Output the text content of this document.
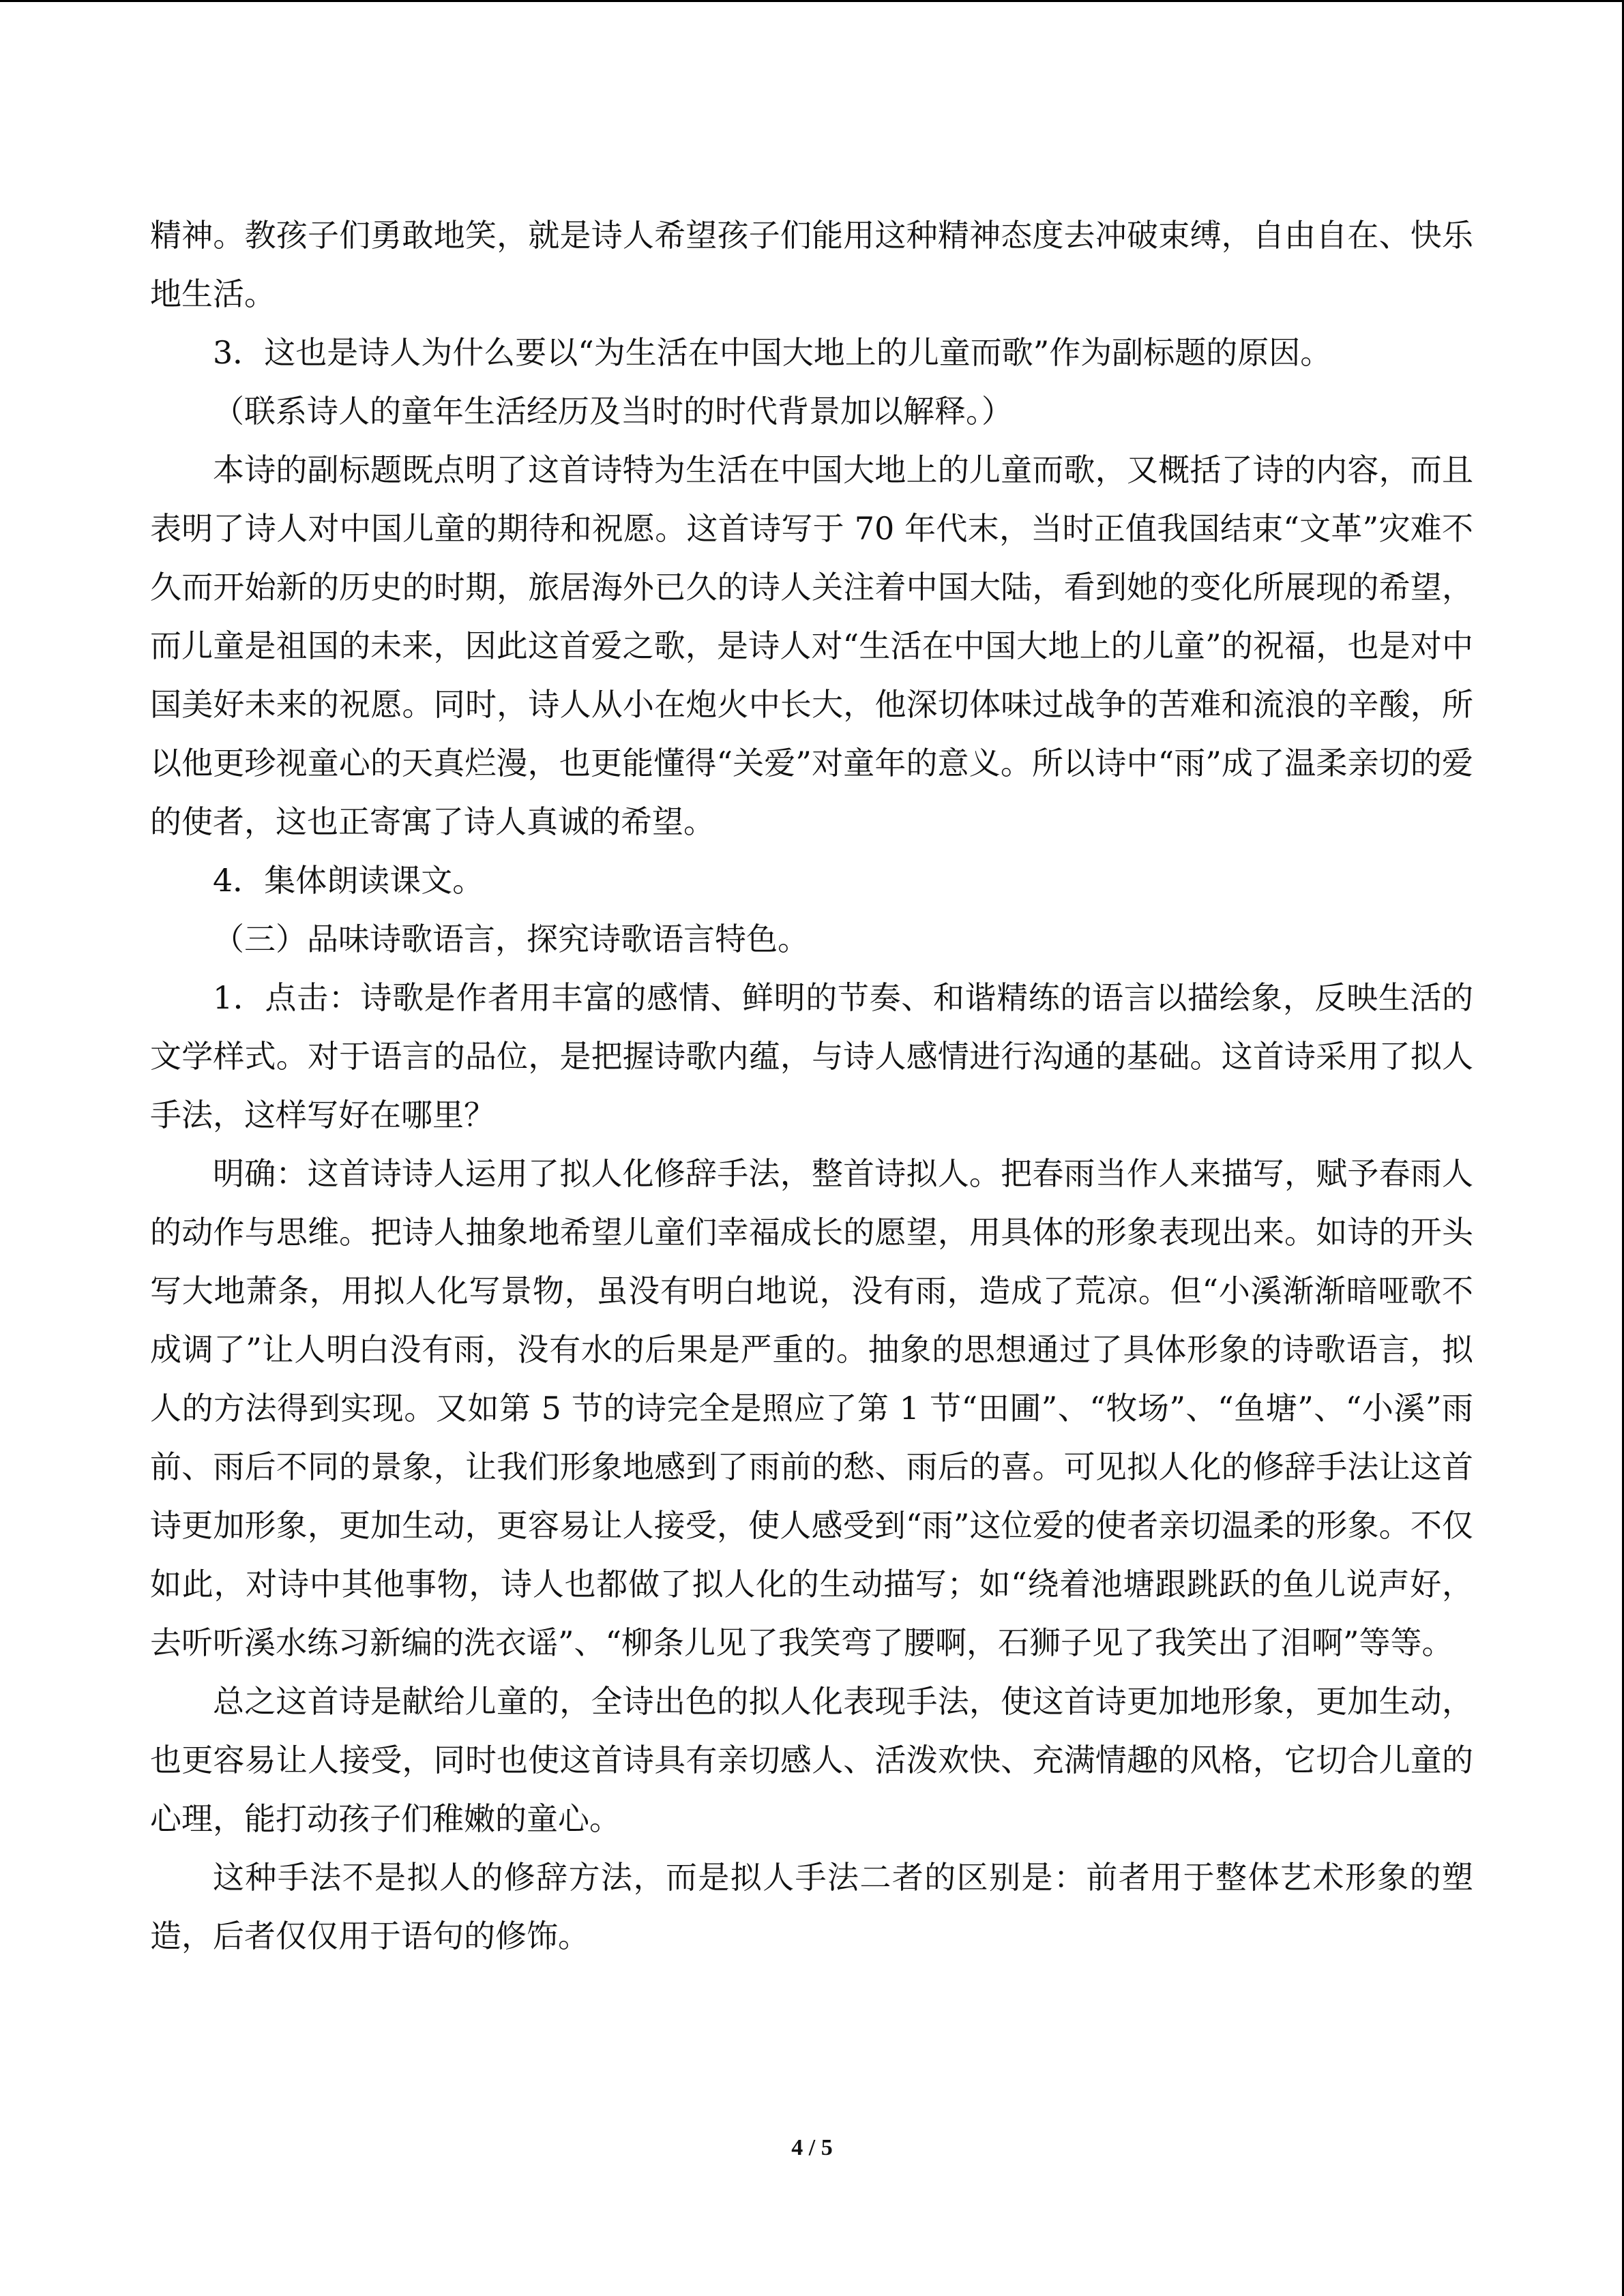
精神。教孩子们勇敢地笑，就是诗人希望孩子们能用这种精神态度去冲破束缚，自由自在、快乐地生活。

3．这也是诗人为什么要以“为生活在中国大地上的儿童而歌”作为副标题的原因。

（联系诗人的童年生活经历及当时的时代背景加以解释。）

本诗的副标题既点明了这首诗特为生活在中国大地上的儿童而歌，又概括了诗的内容，而且表明了诗人对中国儿童的期待和祝愿。这首诗写于 70 年代末，当时正值我国结束“文革”灾难不久而开始新的历史的时期，旅居海外已久的诗人关注着中国大陆，看到她的变化所展现的希望，而儿童是祖国的未来，因此这首爱之歌，是诗人对“生活在中国大地上的儿童”的祝福，也是对中国美好未来的祝愿。同时，诗人从小在炮火中长大，他深切体味过战争的苦难和流浪的辛酸，所以他更珍视童心的天真烂漫，也更能懂得“关爱”对童年的意义。所以诗中“雨”成了温柔亲切的爱的使者，这也正寄寓了诗人真诚的希望。

4．集体朗读课文。

（三）品味诗歌语言，探究诗歌语言特色。

1．点击：诗歌是作者用丰富的感情、鲜明的节奏、和谐精练的语言以描绘象，反映生活的文学样式。对于语言的品位，是把握诗歌内蕴，与诗人感情进行沟通的基础。这首诗采用了拟人手法，这样写好在哪里？

明确：这首诗诗人运用了拟人化修辞手法，整首诗拟人。把春雨当作人来描写，赋予春雨人的动作与思维。把诗人抽象地希望儿童们幸福成长的愿望，用具体的形象表现出来。如诗的开头写大地萧条，用拟人化写景物，虽没有明白地说，没有雨，造成了荒凉。但“小溪渐渐暗哑歌不成调了”让人明白没有雨，没有水的后果是严重的。抽象的思想通过了具体形象的诗歌语言，拟人的方法得到实现。又如第 5 节的诗完全是照应了第 1 节“田圃”、“牧场”、“鱼塘”、“小溪”雨前、雨后不同的景象，让我们形象地感到了雨前的愁、雨后的喜。可见拟人化的修辞手法让这首诗更加形象，更加生动，更容易让人接受，使人感受到“雨”这位爱的使者亲切温柔的形象。不仅如此，对诗中其他事物，诗人也都做了拟人化的生动描写；如“绕着池塘跟跳跃的鱼儿说声好，去听听溪水练习新编的洗衣谣”、“柳条儿见了我笑弯了腰啊，石狮子见了我笑出了泪啊”等等。

总之这首诗是献给儿童的，全诗出色的拟人化表现手法，使这首诗更加地形象，更加生动，也更容易让人接受，同时也使这首诗具有亲切感人、活泼欢快、充满情趣的风格，它切合儿童的心理，能打动孩子们稚嫩的童心。

这种手法不是拟人的修辞方法，而是拟人手法二者的区别是：前者用于整体艺术形象的塑造，后者仅仅用于语句的修饰。

4 / 5
